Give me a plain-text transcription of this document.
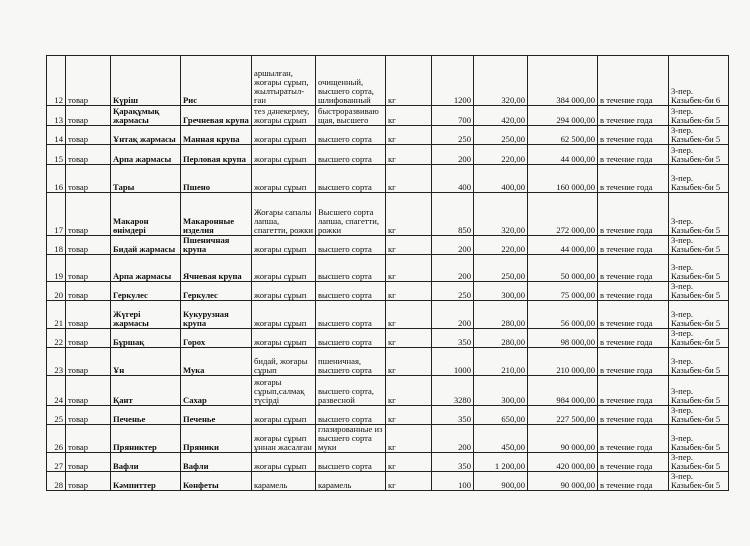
12	товар	Күріш	Рис	аршылған, жоғары сұрып, жылтыратыл-ған	очищенный, высшего сорта, шлифованный	кг	1200	320,00	384 000,00	в течение года	3-пер. Казыбек-би 6
13	товар	Қарақұмық жармасы	Гречневая крупа	тез дәнекерлеу, жоғары сұрып	быстроразвиваю щая, высшего	кг	700	420,00	294 000,00	в течение года	3-пер. Казыбек-би 5
14	товар	Ұнтақ жармасы	Манная крупа	жоғары сұрып	высшего сорта	кг	250	250,00	62 500,00	в течение года	3-пер. Казыбек-би 5
15	товар	Арпа жармасы	Перловая крупа	жоғары сұрып	высшего сорта	кг	200	220,00	44 000,00	в течение года	3-пер. Казыбек-би 5
16	товар	Тары	Пшено	жоғары сұрып	высшего сорта	кг	400	400,00	160 000,00	в течение года	3-пер. Казыбек-би 5
17	товар	Макарон өнімдері	Макаронные изделия	Жоғары сапалы лапша, спагетти, рожки	Высшего сорта лапша, спагетти, рожки	кг	850	320,00	272 000,00	в течение года	3-пер. Казыбек-би 5
18	товар	Бидай жармасы	Пшеничная крупа	жоғары сұрып	высшего сорта	кг	200	220,00	44 000,00	в течение года	3-пер. Казыбек-би 5
19	товар	Арпа жармасы	Ячневая крупа	жоғары сұрып	высшего сорта	кг	200	250,00	50 000,00	в течение года	3-пер. Казыбек-би 5
20	товар	Геркулес	Геркулес	жоғары сұрып	высшего сорта	кг	250	300,00	75 000,00	в течение года	3-пер. Казыбек-би 5
21	товар	Жүгері жармасы	Кукурузная крупа	жоғары сұрып	высшего сорта	кг	200	280,00	56 000,00	в течение года	3-пер. Казыбек-би 5
22	товар	Бұршақ	Горох	жоғары сұрып	высшего сорта	кг	350	280,00	98 000,00	в течение года	3-пер. Казыбек-би 5
23	товар	Ұн	Мука	бидай, жоғары сұрып	пшеничная, высшего сорта	кг	1000	210,00	210 000,00	в течение года	3-пер. Казыбек-би 5
24	товар	Қант	Сахар	жоғары сұрып,салмақ түсірді	высшего сорта, развесной	кг	3280	300,00	984 000,00	в течение года	3-пер. Казыбек-би 5
25	товар	Печенье	Печенье	жоғары сұрып	высшего сорта	кг	350	650,00	227 500,00	в течение года	3-пер. Казыбек-би 5
26	товар	Пряниктер	Пряники	жоғары сұрып ұннан жасалған	глазированные из высшего сорта муки	кг	200	450,00	90 000,00	в течение года	3-пер. Казыбек-би 5
27	товар	Вафли	Вафли	жоғары сұрып	высшего сорта	кг	350	1 200,00	420 000,00	в течение года	3-пер. Казыбек-би 5
28	товар	Кәмпиттер	Конфеты	карамель	карамель	кг	100	900,00	90 000,00	в течение года	3-пер. Казыбек-би 5
